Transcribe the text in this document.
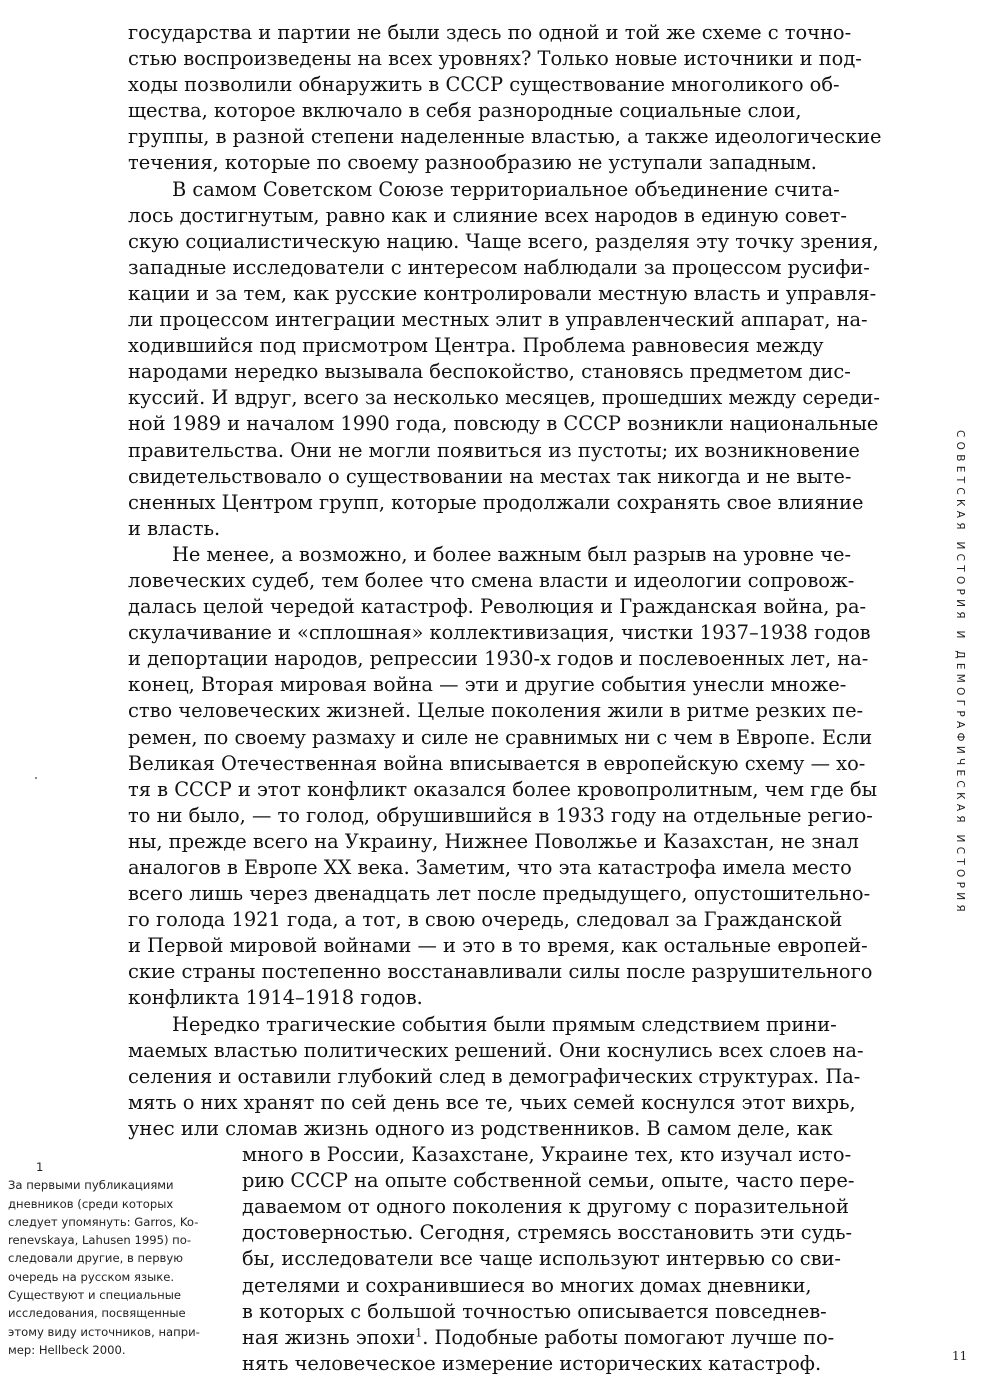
государства и партии не были здесь по одной и той же схеме с точно-
стью воспроизведены на всех уровнях? Только новые источники и под-
ходы позволили обнаружить в СССР существование многоликого об-
щества, которое включало в себя разнородные социальные слои,
группы, в разной степени наделенные властью, а также идеологические
течения, которые по своему разнообразию не уступали западным.
В самом Советском Союзе территориальное объединение счита-
лось достигнутым, равно как и слияние всех народов в единую совет-
скую социалистическую нацию. Чаще всего, разделяя эту точку зрения,
западные исследователи с интересом наблюдали за процессом русифи-
кации и за тем, как русские контролировали местную власть и управля-
ли процессом интеграции местных элит в управленческий аппарат, на-
ходившийся под присмотром Центра. Проблема равновесия между
народами нередко вызывала беспокойство, становясь предметом дис-
куссий. И вдруг, всего за несколько месяцев, прошедших между середи-
ной 1989 и началом 1990 года, повсюду в СССР возникли национальные
правительства. Они не могли появиться из пустоты; их возникновение
свидетельствовало о существовании на местах так никогда и не выте-
сненных Центром групп, которые продолжали сохранять свое влияние
и власть.
Не менее, а возможно, и более важным был разрыв на уровне че-
ловеческих судеб, тем более что смена власти и идеологии сопровож-
далась целой чередой катастроф. Революция и Гражданская война, ра-
скулачивание и «сплошная» коллективизация, чистки 1937–1938 годов
и депортации народов, репрессии 1930-х годов и послевоенных лет, на-
конец, Вторая мировая война — эти и другие события унесли множе-
ство человеческих жизней. Целые поколения жили в ритме резких пе-
ремен, по своему размаху и силе не сравнимых ни с чем в Европе. Если
Великая Отечественная война вписывается в европейскую схему — хо-
тя в СССР и этот конфликт оказался более кровопролитным, чем где бы
то ни было, — то голод, обрушившийся в 1933 году на отдельные регио-
ны, прежде всего на Украину, Нижнее Поволжье и Казахстан, не знал
аналогов в Европе XX века. Заметим, что эта катастрофа имела место
всего лишь через двенадцать лет после предыдущего, опустошительно-
го голода 1921 года, а тот, в свою очередь, следовал за Гражданской
и Первой мировой войнами — и это в то время, как остальные европей-
ские страны постепенно восстанавливали силы после разрушительного
конфликта 1914–1918 годов.
Нередко трагические события были прямым следствием прини-
маемых властью политических решений. Они коснулись всех слоев на-
селения и оставили глубокий след в демографических структурах. Па-
мять о них хранят по сей день все те, чьих семей коснулся этот вихрь,
унес или сломав жизнь одного из родственников. В самом деле, как
много в России, Казахстане, Украине тех, кто изучал исто-
рию СССР на опыте собственной семьи, опыте, часто пере-
даваемом от одного поколения к другому с поразительной
достоверностью. Сегодня, стремясь восстановить эти судь-
бы, исследователи все чаще используют интервью со сви-
детелями и сохранившиеся во многих домах дневники,
в которых с большой точностью описывается повседнев-
ная жизнь эпохи$^1$. Подобные работы помогают лучше по-
нять человеческое измерение исторических катастроф.
1
За первыми публикациями
дневников (среди которых
следует упомянуть: Garros, Ko-
renevskaya, Lahusen 1995) по-
следовали другие, в первую
очередь на русском языке.
Существуют и специальные
исследования, посвященные
этому виду источников, напри-
мер: Hellbeck 2000.
СОВЕТСКАЯ ИСТОРИЯ И ДЕМОГРАФИЧЕСКАЯ ИСТОРИЯ
11
